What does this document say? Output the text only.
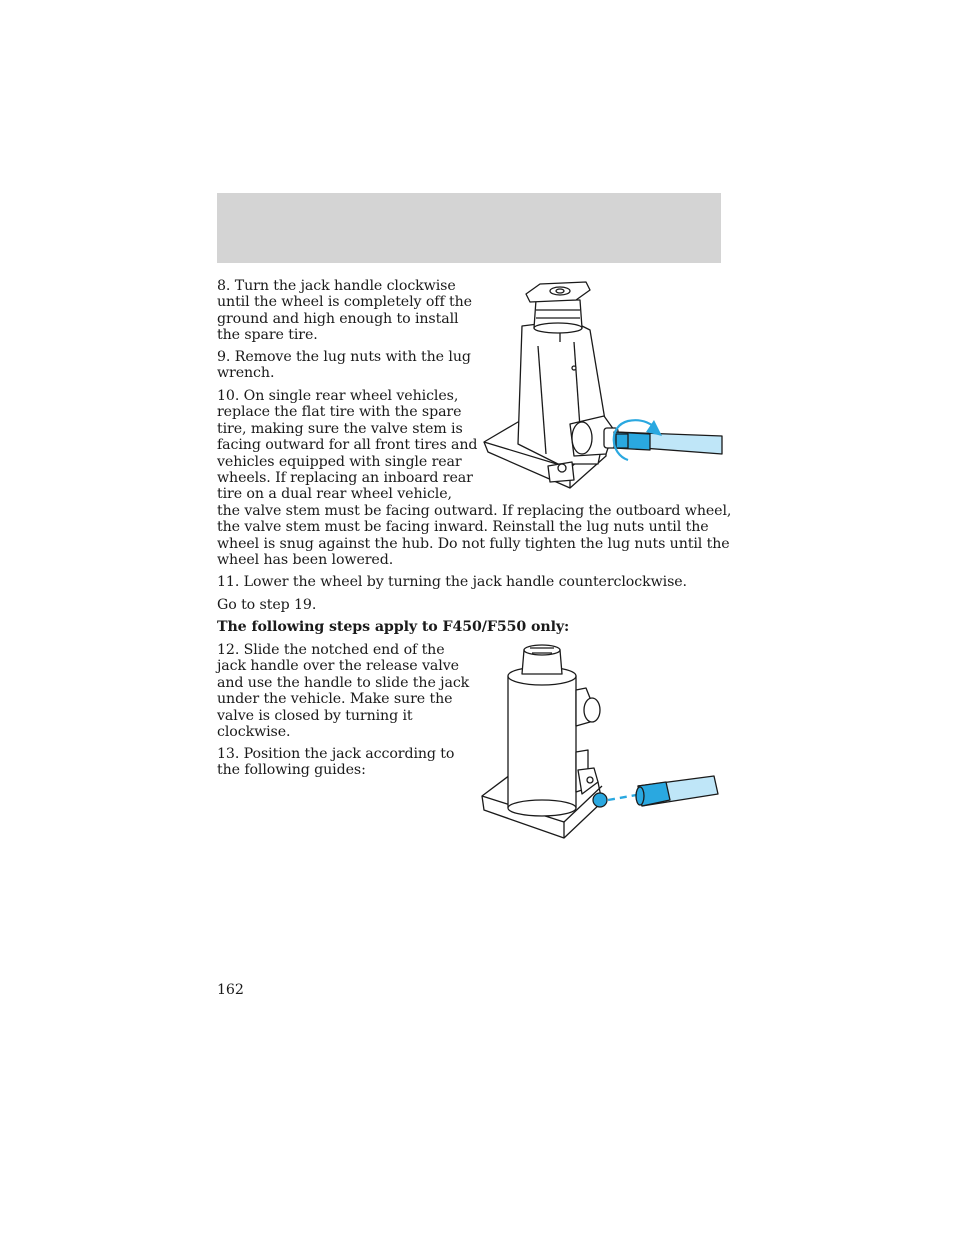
8. Turn the jack handle clockwise
until the wheel is completely off the
ground and high enough to install
the spare tire.
9. Remove the lug nuts with the lug
wrench.
10. On single rear wheel vehicles,
replace the flat tire with the spare
tire, making sure the valve stem is
facing outward for all front tires and
vehicles equipped with single rear
wheels. If replacing an inboard rear
tire on a dual rear wheel vehicle,
the valve stem must be facing outward. If replacing the outboard wheel,
the valve stem must be facing inward. Reinstall the lug nuts until the
wheel is snug against the hub. Do not fully tighten the lug nuts until the
wheel has been lowered.
11. Lower the wheel by turning the jack handle counterclockwise.
Go to step 19.
The following steps apply to F450/F550 only:
12. Slide the notched end of the
jack handle over the release valve
and use the handle to slide the jack
under the vehicle. Make sure the
valve is closed by turning it
clockwise.
13. Position the jack according to
the following guides:
162
